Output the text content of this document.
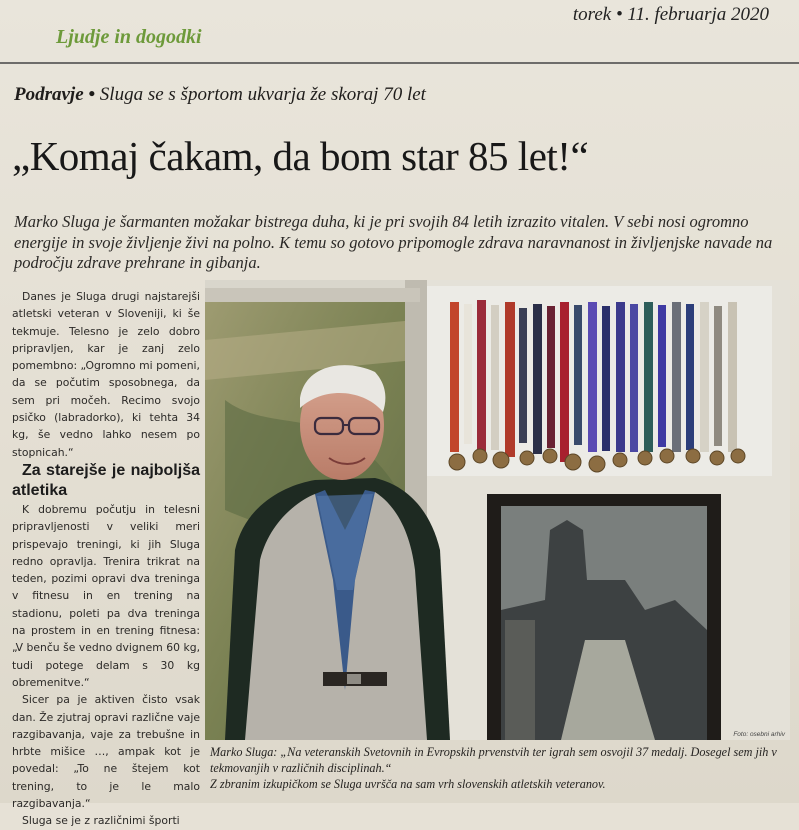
Ljudje in dogodki
torek • 11. februarja 2020
Podravje • Sluga se s športom ukvarja že skoraj 70 let
„Komaj čakam, da bom star 85 let!“
Marko Sluga je šarmanten možakar bistrega duha, ki je pri svojih 84 letih izrazito vitalen. V sebi nosi ogromno energije in svoje življenje živi na polno. K temu so gotovo pripomogle zdrava naravnanost in življenjske navade na področju zdrave prehrane in gibanja.

Danes je Sluga drugi najstarejši atletski veteran v Sloveniji, ki še tekmuje. Telesno je zelo dobro pripravljen, kar je zanj zelo pomembno: „Ogromno mi pomeni, da se počutim sposobnega, da sem pri močeh. Recimo svojo psičko (labradorko), ki tehta 34 kg, še vedno lahko nesem po stopnicah.“

Za starejše je najboljša atletika

K dobremu počutju in telesni pripravljenosti v veliki meri prispevajo treningi, ki jih Sluga redno opravlja. Trenira trikrat na teden, pozimi opravi dva treninga v fitnesu in en trening na stadionu, poleti pa dva treninga na prostem in en trening fitnesa: „V benču še vedno dvignem 60 kg, tudi potege delam s 30 kg obremenitve.“

Sicer pa je aktiven čisto vsak dan. Že zjutraj opravi različne vaje razgibavanja, vaje za trebušne in hrbte mišice …, ampak kot je povedal: „To ne štejem kot trening, to je le malo razgibavanja.“

Sluga se je z različnimi športi

Foto: osebni arhiv
Marko Sluga: „Na veteranskih Svetovnih in Evropskih prvenstvih ter igrah sem osvojil 37 medalj. Dosegel sem jih v tekmovanjih v različnih disciplinah.“
Z zbranim izkupičkom se Sluga uvršča na sam vrh slovenskih atletskih veteranov.
